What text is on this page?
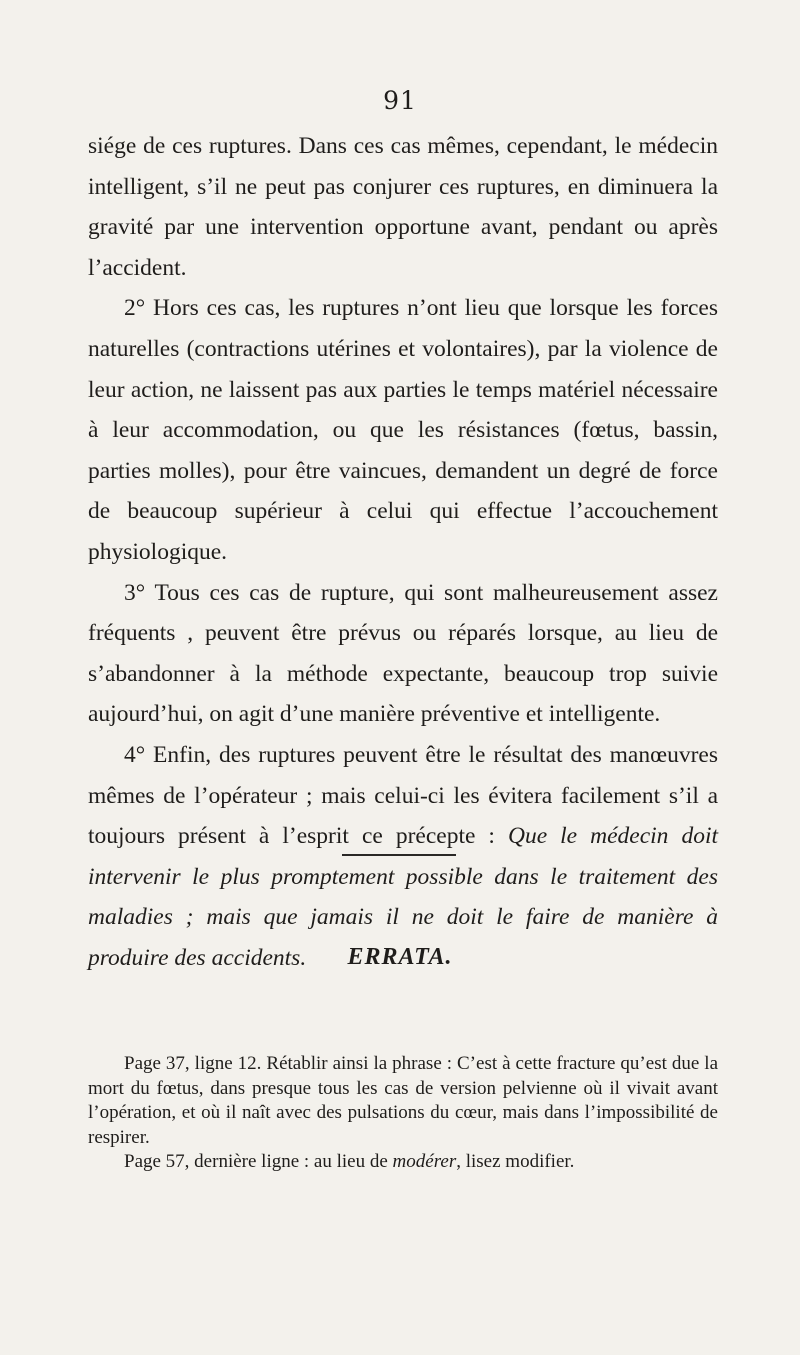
91

siége de ces ruptures. Dans ces cas mêmes, cependant, le médecin intelligent, s’il ne peut pas conjurer ces ruptures, en diminuera la gravité par une intervention opportune avant, pendant ou après l’accident.

2° Hors ces cas, les ruptures n’ont lieu que lorsque les forces naturelles (contractions utérines et volontaires), par la violence de leur action, ne laissent pas aux parties le temps matériel nécessaire à leur accommodation, ou que les résistances (fœtus, bassin, parties molles), pour être vaincues, demandent un degré de force de beaucoup supérieur à celui qui effectue l’accouchement physiologique.

3° Tous ces cas de rupture, qui sont malheureusement assez fréquents , peuvent être prévus ou réparés lorsque, au lieu de s’abandonner à la méthode expectante, beaucoup trop suivie aujourd’hui, on agit d’une manière préventive et intelligente.

4° Enfin, des ruptures peuvent être le résultat des manœuvres mêmes de l’opérateur ; mais celui-ci les évitera facilement s’il a toujours présent à l’esprit ce précepte : Que le médecin doit intervenir le plus promptement possible dans le traitement des maladies ; mais que jamais il ne doit le faire de manière à produire des accidents.	ERRATA.

Page 37, ligne 12. Rétablir ainsi la phrase : C’est à cette fracture qu’est due la mort du fœtus, dans presque tous les cas de version pelvienne où il vivait avant l’opération, et où il naît avec des pulsations du cœur, mais dans l’impossibilité de respirer.

Page 57, dernière ligne : au lieu de modérer, lisez modifier.
